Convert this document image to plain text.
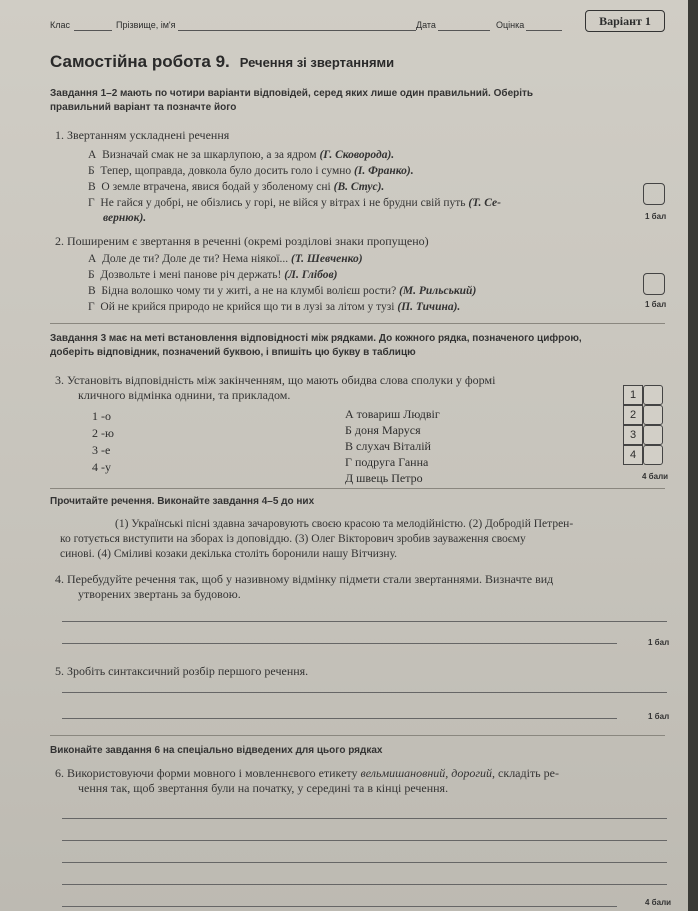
Клас	Прізвище, ім'я	Дата	Оцінка	Варіант 1
Самостійна робота 9. Речення зі звертаннями
Завдання 1–2 мають по чотири варіанти відповідей, серед яких лише один правильний. Оберіть
правильний варіант та позначте його
1. Звертанням ускладнені речення
А Визначай смак не за шкарлупою, а за ядром (Г. Сковорода).
Б Тепер, щоправда, довкола було досить голо і сумно (І. Франко).
В О земле втрачена, явися бодай у зболеному сні (В. Стус).
Г Не гайся у добрі, не обізлись у горі, не війся у вітрах і не брудни свій путь (Т. Се-
вернюк).	1 бал
2. Поширеним є звертання в реченні (окремі розділові знаки пропущено)
А Доле де ти? Доле де ти? Нема ніякої... (Т. Шевченко)
Б Дозвольте і мені панове річ держать! (Л. Глібов)
В Бідна волошко чому ти у житі, а не на клумбі волієш рости? (М. Рильський)
Г Ой не крийся природо не крийся що ти в лузі за літом у тузі (П. Тичина).	1 бал
Завдання 3 має на меті встановлення відповідності між рядками. До кожного рядка, позначеного цифрою,
доберіть відповідник, позначений буквою, і впишіть цю букву в таблицю
3. Установіть відповідність між закінченням, що мають обидва слова сполуки у формі
кличного відмінка однини, та прикладом.
1 -о
2 -ю
3 -е
4 -у
А товариш Людвіг
Б доня Маруся
В слухач Віталій
Г подруга Ганна
Д швець Петро
1
2
3
4
4 бали
Прочитайте речення. Виконайте завдання 4–5 до них
(1) Українські пісні здавна зачаровують своєю красою та мелодійністю. (2) Добродій Петрен-
ко готується виступити на зборах із доповіддю. (3) Олег Вікторович зробив зауваження своєму
синові. (4) Сміливі козаки декілька століть боронили нашу Вітчизну.
4. Перебудуйте речення так, щоб у називному відмінку підмети стали звертаннями. Визначте вид
утворених звертань за будовою.
1 бал
5. Зробіть синтаксичний розбір першого речення.
1 бал
Виконайте завдання 6 на спеціально відведених для цього рядках
6. Використовуючи форми мовного і мовленнєвого етикету вельмишановний, дорогий, складіть ре-
чення так, щоб звертання були на початку, у середині та в кінці речення.
4 бали
